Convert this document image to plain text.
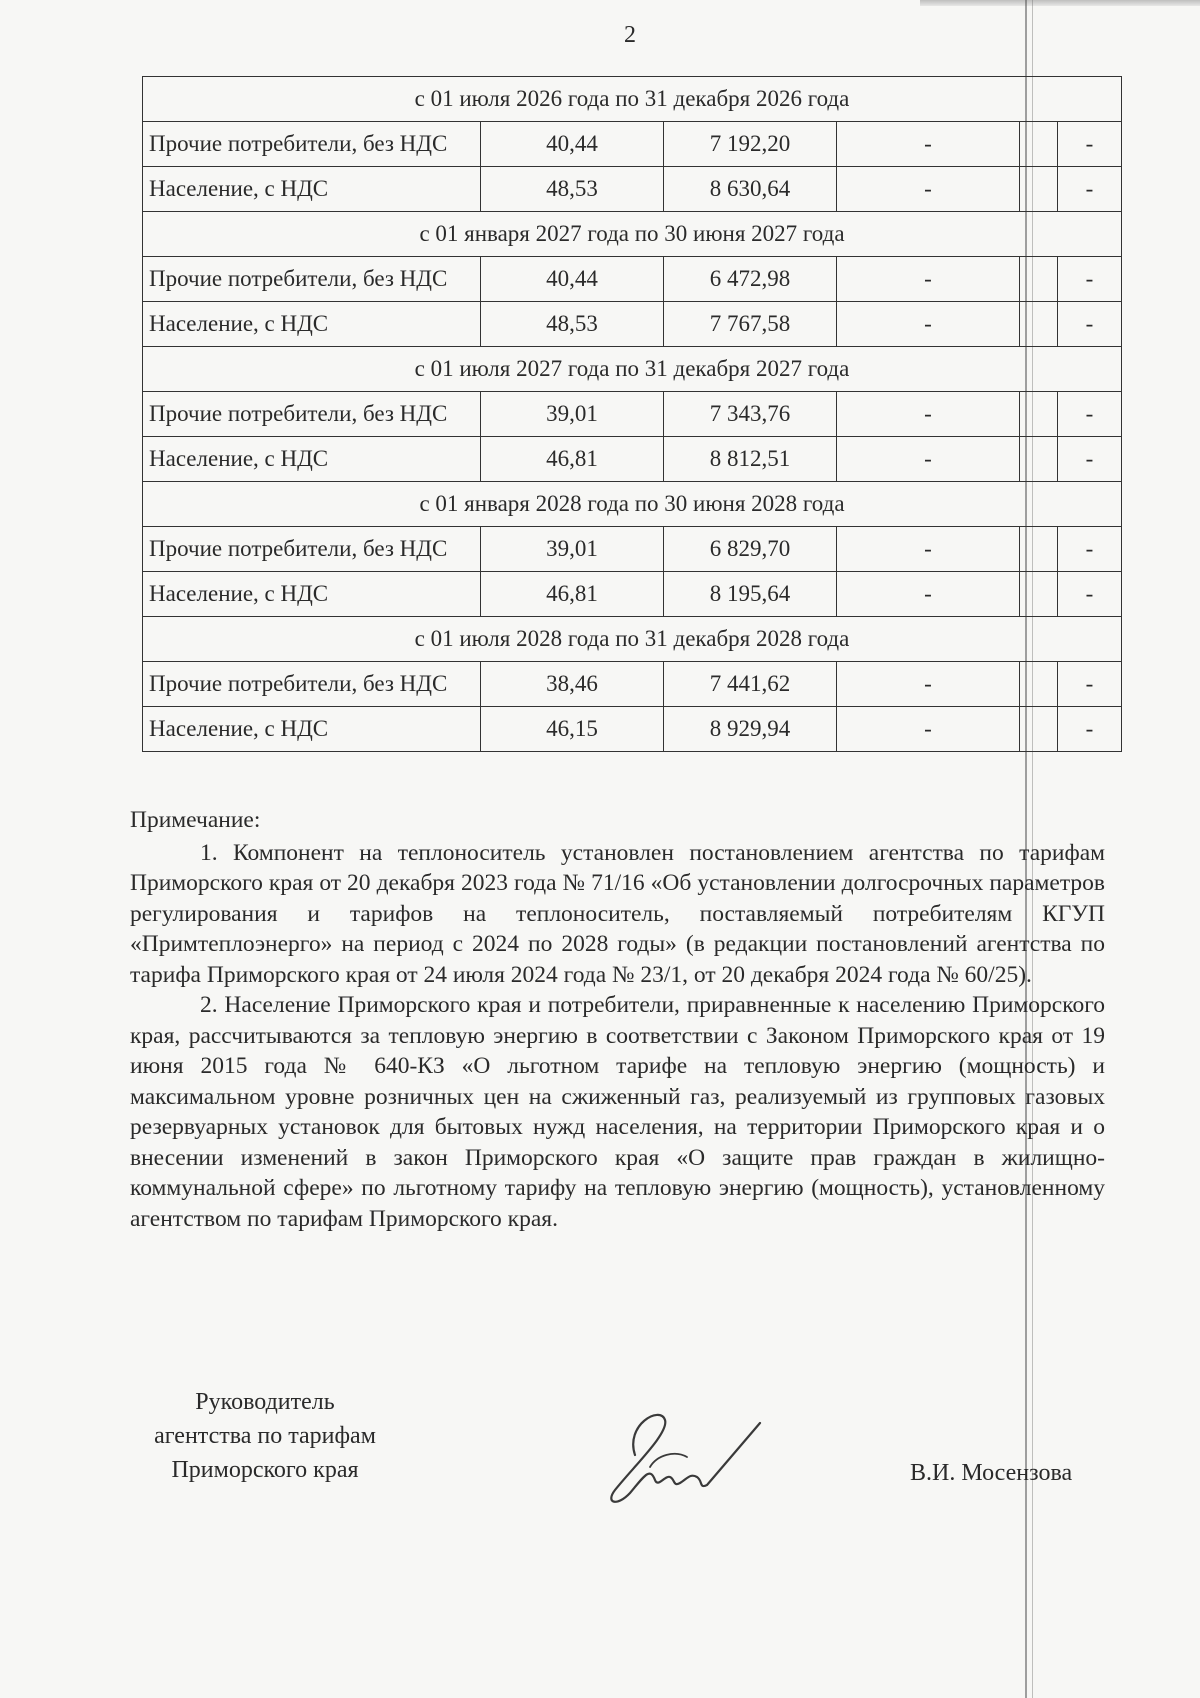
2
с 01 июля 2026 года по 31 декабря 2026 года					
Прочие потребители, без НДС	40,44	7 192,20	-		-
Население, с НДС	48,53	8 630,64	-		-
с 01 января 2027 года по 30 июня 2027 года					
Прочие потребители, без НДС	40,44	6 472,98	-		-
Население, с НДС	48,53	7 767,58	-		-
с 01 июля 2027 года по 31 декабря 2027 года					
Прочие потребители, без НДС	39,01	7 343,76	-		-
Население, с НДС	46,81	8 812,51	-		-
с 01 января 2028 года по 30 июня 2028 года					
Прочие потребители, без НДС	39,01	6 829,70	-		-
Население, с НДС	46,81	8 195,64	-		-
с 01 июля 2028 года по 31 декабря 2028 года					
Прочие потребители, без НДС	38,46	7 441,62	-		-
Население, с НДС	46,15	8 929,94	-		-
Примечание:

1. Компонент на теплоноситель установлен постановлением агентства по тарифам Приморского края от 20 декабря 2023 года № 71/16 «Об установлении долгосрочных параметров регулирования и тарифов на теплоноситель, поставляемый потребителям КГУП «Примтеплоэнерго» на период с 2024 по 2028 годы» (в редакции постановлений агентства по тарифа Приморского края от 24 июля 2024 года № 23/1, от 20 декабря 2024 года № 60/25).

2. Население Приморского края и потребители, приравненные к населению Приморского края, рассчитываются за тепловую энергию в соответствии с Законом Приморского края от 19 июня 2015 года № 640-КЗ «О льготном тарифе на тепловую энергию (мощность) и максимальном уровне розничных цен на сжиженный газ, реализуемый из групповых газовых резервуарных установок для бытовых нужд населения, на территории Приморского края и о внесении изменений в закон Приморского края «О защите прав граждан в жилищно-коммунальной сфере» по льготному тарифу на тепловую энергию (мощность), установленному агентством по тарифам Приморского края.

Руководитель
агентства по тарифам
Приморского края	В.И. Мосензова
